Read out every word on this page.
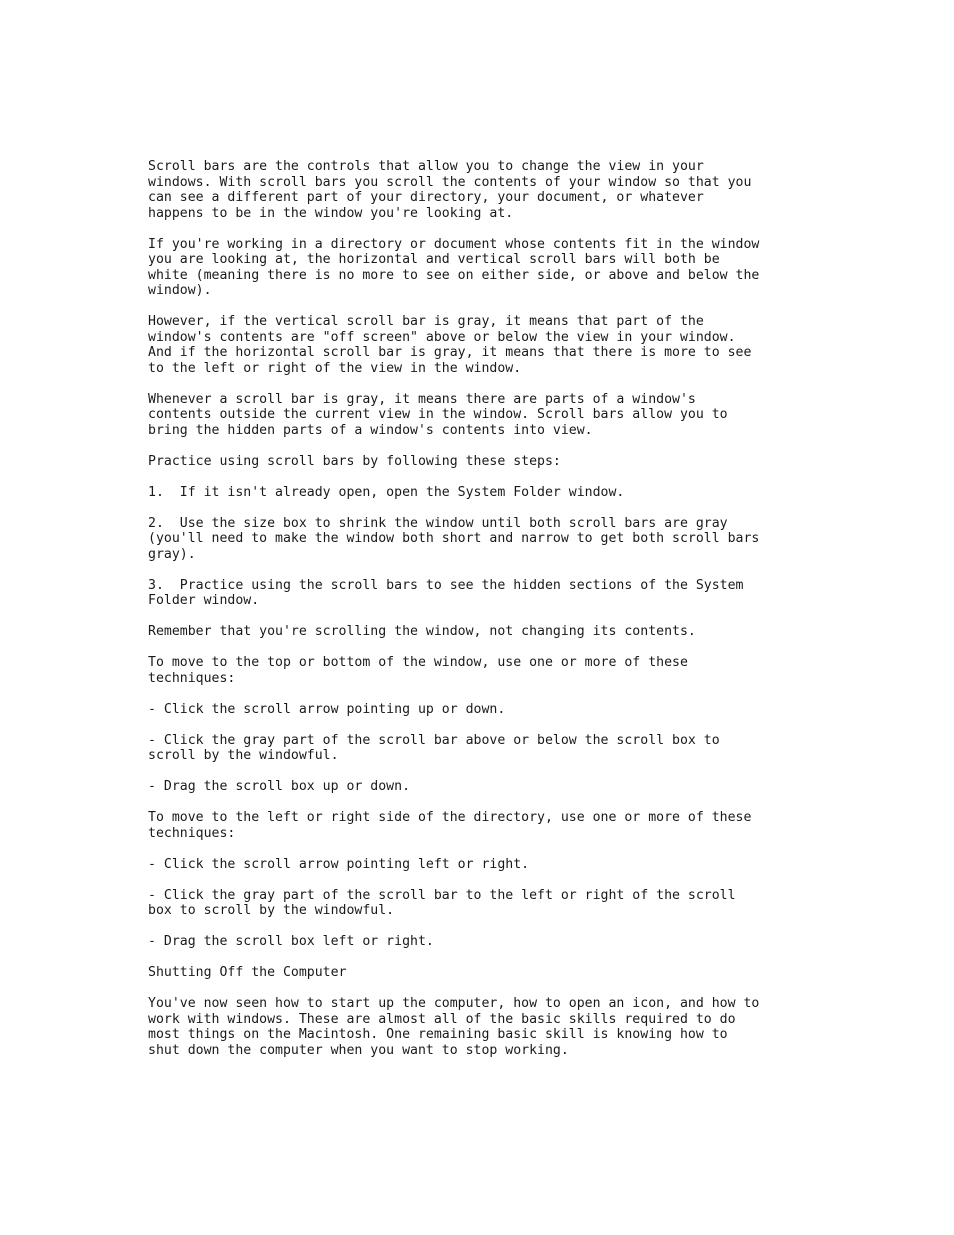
Scroll bars are the controls that allow you to change the view in your
windows. With scroll bars you scroll the contents of your window so that you
can see a different part of your directory, your document, or whatever
happens to be in the window you're looking at.

If you're working in a directory or document whose contents fit in the window
you are looking at, the horizontal and vertical scroll bars will both be
white (meaning there is no more to see on either side, or above and below the
window).

However, if the vertical scroll bar is gray, it means that part of the
window's contents are "off screen" above or below the view in your window.
And if the horizontal scroll bar is gray, it means that there is more to see
to the left or right of the view in the window.

Whenever a scroll bar is gray, it means there are parts of a window's
contents outside the current view in the window. Scroll bars allow you to
bring the hidden parts of a window's contents into view.

Practice using scroll bars by following these steps:

1.  If it isn't already open, open the System Folder window.

2.  Use the size box to shrink the window until both scroll bars are gray
(you'll need to make the window both short and narrow to get both scroll bars
gray).

3.  Practice using the scroll bars to see the hidden sections of the System
Folder window.

Remember that you're scrolling the window, not changing its contents.

To move to the top or bottom of the window, use one or more of these
techniques:

- Click the scroll arrow pointing up or down.

- Click the gray part of the scroll bar above or below the scroll box to
scroll by the windowful.

- Drag the scroll box up or down.

To move to the left or right side of the directory, use one or more of these
techniques:

- Click the scroll arrow pointing left or right.

- Click the gray part of the scroll bar to the left or right of the scroll
box to scroll by the windowful.

- Drag the scroll box left or right.

Shutting Off the Computer

You've now seen how to start up the computer, how to open an icon, and how to
work with windows. These are almost all of the basic skills required to do
most things on the Macintosh. One remaining basic skill is knowing how to
shut down the computer when you want to stop working.
